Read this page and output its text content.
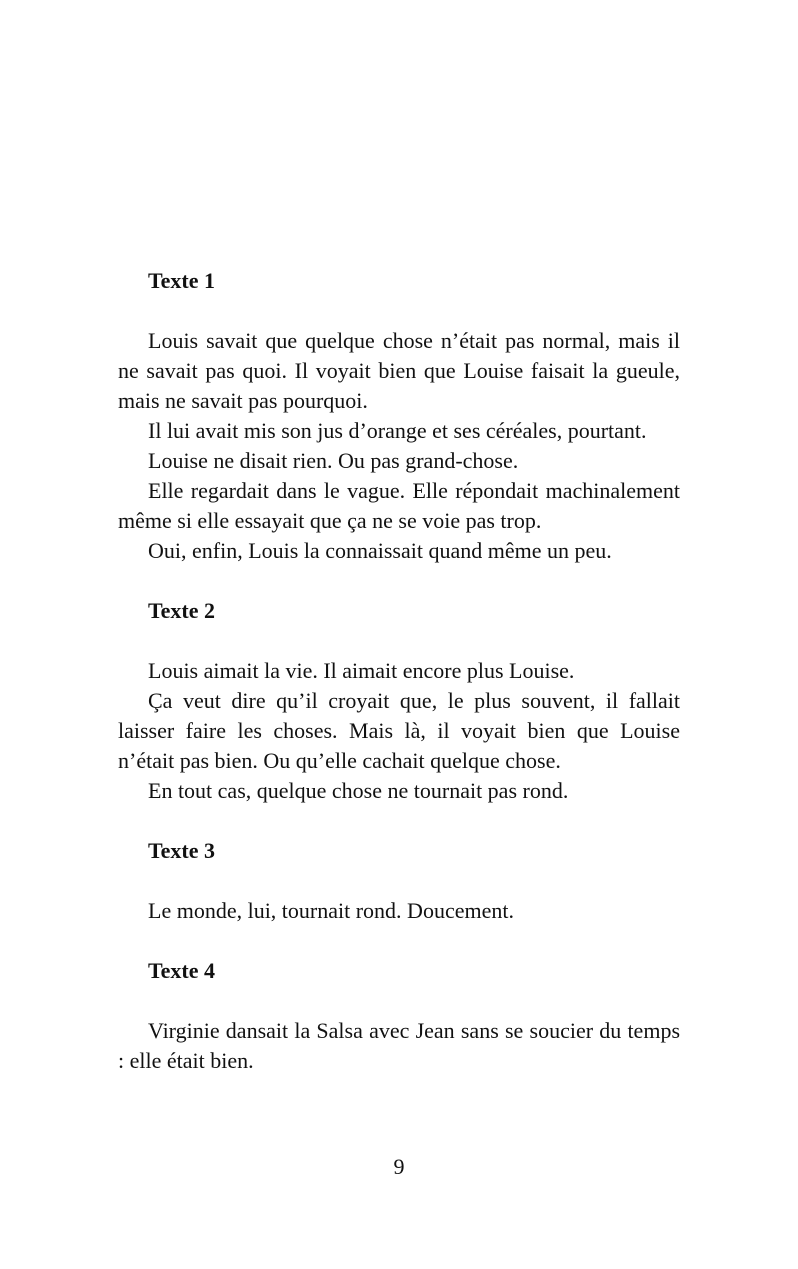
Texte 1

Louis savait que quelque chose n’était pas normal, mais il ne savait pas quoi. Il voyait bien que Louise faisait la gueule, mais ne savait pas pourquoi.

Il lui avait mis son jus d’orange et ses céréales, pourtant.

Louise ne disait rien. Ou pas grand-chose.

Elle regardait dans le vague. Elle répondait machinalement même si elle essayait que ça ne se voie pas trop.

Oui, enfin, Louis la connaissait quand même un peu.

Texte 2

Louis aimait la vie. Il aimait encore plus Louise.

Ça veut dire qu’il croyait que, le plus souvent, il fallait laisser faire les choses. Mais là, il voyait bien que Louise n’était pas bien. Ou qu’elle cachait quelque chose.

En tout cas, quelque chose ne tournait pas rond.

Texte 3

Le monde, lui, tournait rond. Doucement.

Texte 4

Virginie dansait la Salsa avec Jean sans se soucier du temps : elle était bien.

9
